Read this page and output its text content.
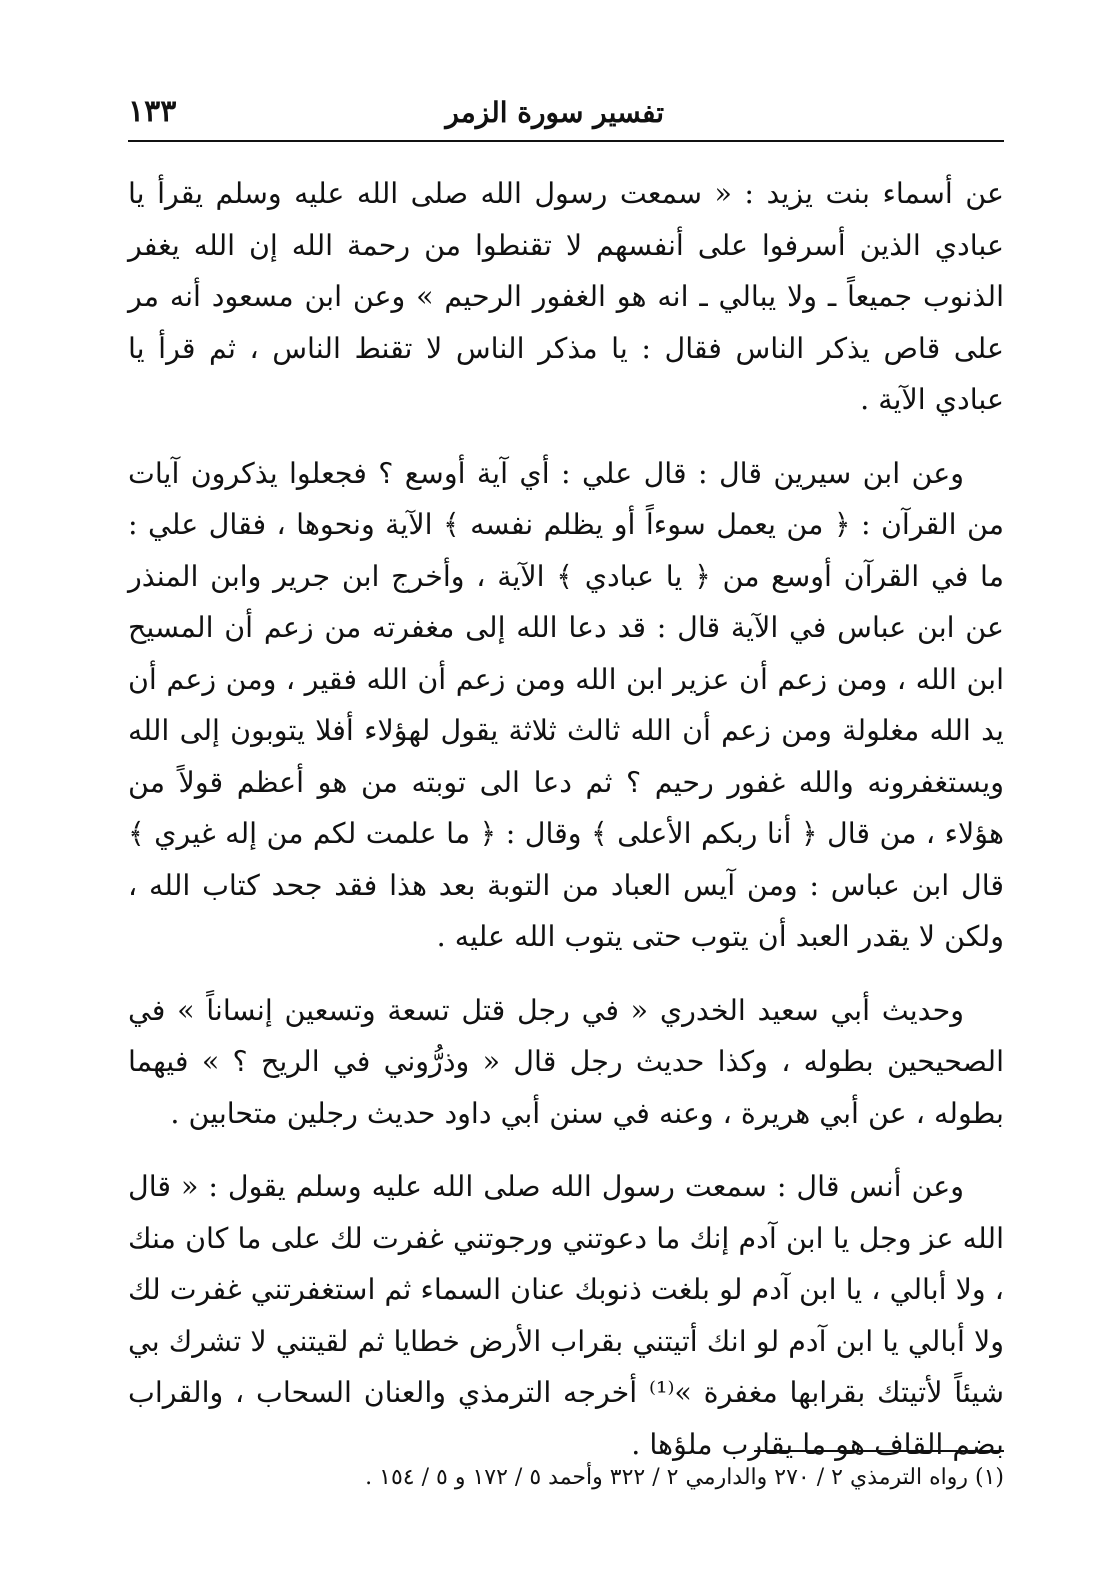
١٣٣	تفسير سورة الزمر

عن أسماء بنت يزيد : « سمعت رسول الله صلى الله عليه وسلم يقرأ يا عبادي الذين أسرفوا على أنفسهم لا تقنطوا من رحمة الله إن الله يغفر الذنوب جميعاً ـ ولا يبالي ـ انه هو الغفور الرحيم » وعن ابن مسعود أنه مر على قاص يذكر الناس فقال : يا مذكر الناس لا تقنط الناس ، ثم قرأ يا عبادي الآية .

وعن ابن سيرين قال : قال علي : أي آية أوسع ؟ فجعلوا يذكرون آيات من القرآن : ﴿ من يعمل سوءاً أو يظلم نفسه ﴾ الآية ونحوها ، فقال علي : ما في القرآن أوسع من ﴿ يا عبادي ﴾ الآية ، وأخرج ابن جرير وابن المنذر عن ابن عباس في الآية قال : قد دعا الله إلى مغفرته من زعم أن المسيح ابن الله ، ومن زعم أن عزير ابن الله ومن زعم أن الله فقير ، ومن زعم أن يد الله مغلولة ومن زعم أن الله ثالث ثلاثة يقول لهؤلاء أفلا يتوبون إلى الله ويستغفرونه والله غفور رحيم ؟ ثم دعا الى توبته من هو أعظم قولاً من هؤلاء ، من قال ﴿ أنا ربكم الأعلى ﴾ وقال : ﴿ ما علمت لكم من إله غيري ﴾ قال ابن عباس : ومن آيس العباد من التوبة بعد هذا فقد جحد كتاب الله ، ولكن لا يقدر العبد أن يتوب حتى يتوب الله عليه .

وحديث أبي سعيد الخدري « في رجل قتل تسعة وتسعين إنساناً » في الصحيحين بطوله ، وكذا حديث رجل قال « وذرُّوني في الريح ؟ » فيهما بطوله ، عن أبي هريرة ، وعنه في سنن أبي داود حديث رجلين متحابين .

وعن أنس قال : سمعت رسول الله صلى الله عليه وسلم يقول : « قال الله عز وجل يا ابن آدم إنك ما دعوتني ورجوتني غفرت لك على ما كان منك ، ولا أبالي ، يا ابن آدم لو بلغت ذنوبك عنان السماء ثم استغفرتني غفرت لك ولا أبالي يا ابن آدم لو انك أتيتني بقراب الأرض خطايا ثم لقيتني لا تشرك بي شيئاً لأتيتك بقرابها مغفرة »⁽¹⁾ أخرجه الترمذي والعنان السحاب ، والقراب بضم القاف هو ما يقارب ملؤها .

(١) رواه الترمذي ٢ / ٢٧٠ والدارمي ٢ / ٣٢٢ وأحمد ٥ / ١٧٢ و ٥ / ١٥٤ .
